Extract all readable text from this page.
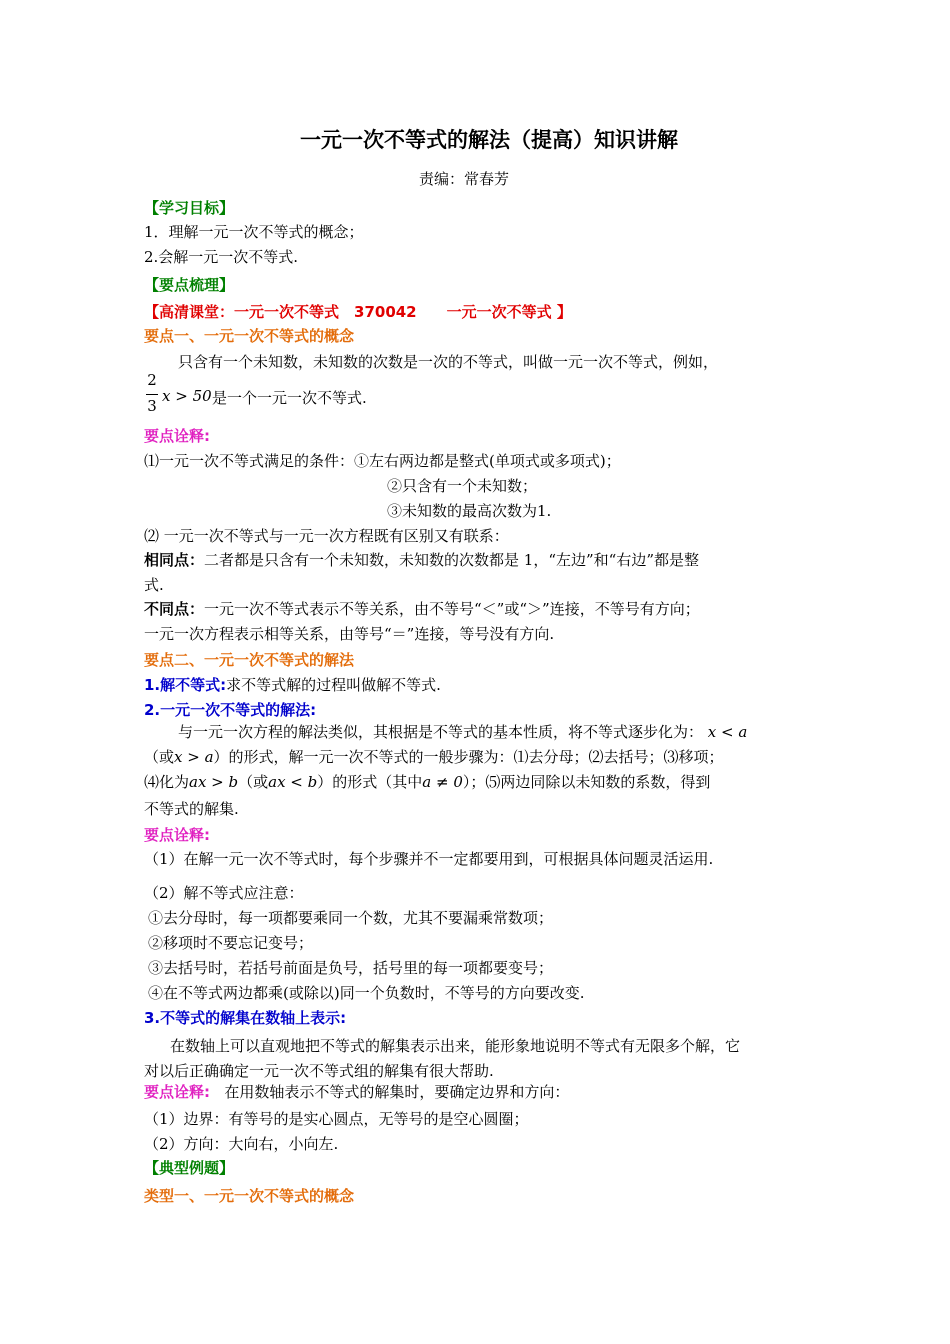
一元一次不等式的解法（提高）知识讲解
责编：常春芳
【学习目标】
1．理解一元一次不等式的概念；
2.会解一元一次不等式.
【要点梳理】
【高清课堂：一元一次不等式　370042　　一元一次不等式 】
要点一、一元一次不等式的概念
只含有一个未知数，未知数的次数是一次的不等式，叫做一元一次不等式，例如，
2
3
x > 50 是一个一元一次不等式.
要点诠释:
⑴一元一次不等式满足的条件：①左右两边都是整式(单项式或多项式)；
②只含有一个未知数；
③未知数的最高次数为1.
⑵ 一元一次不等式与一元一次方程既有区别又有联系：
相同点：二者都是只含有一个未知数，未知数的次数都是 1，“左边”和“右边”都是整
式.
不同点：一元一次不等式表示不等关系，由不等号“＜”或“＞”连接，不等号有方向；
一元一次方程表示相等关系，由等号“＝”连接，等号没有方向.
要点二、一元一次不等式的解法
1.解不等式:求不等式解的过程叫做解不等式.
2.一元一次不等式的解法:
与一元一次方程的解法类似，其根据是不等式的基本性质，将不等式逐步化为： x < a
（或x > a）的形式，解一元一次不等式的一般步骤为：⑴去分母；⑵去括号；⑶移项；
⑷化为ax > b（或ax < b）的形式（其中a ≠ 0）；⑸两边同除以未知数的系数，得到
不等式的解集.
要点诠释:
（1）在解一元一次不等式时，每个步骤并不一定都要用到，可根据具体问题灵活运用.
（2）解不等式应注意：
①去分母时，每一项都要乘同一个数，尤其不要漏乘常数项；
②移项时不要忘记变号；
③去括号时，若括号前面是负号，括号里的每一项都要变号；
④在不等式两边都乘(或除以)同一个负数时，不等号的方向要改变.
3.不等式的解集在数轴上表示:
在数轴上可以直观地把不等式的解集表示出来，能形象地说明不等式有无限多个解，它
对以后正确确定一元一次不等式组的解集有很大帮助.
要点诠释: 在用数轴表示不等式的解集时，要确定边界和方向：
（1）边界：有等号的是实心圆点，无等号的是空心圆圈；
（2）方向：大向右，小向左.
【典型例题】
类型一、一元一次不等式的概念
